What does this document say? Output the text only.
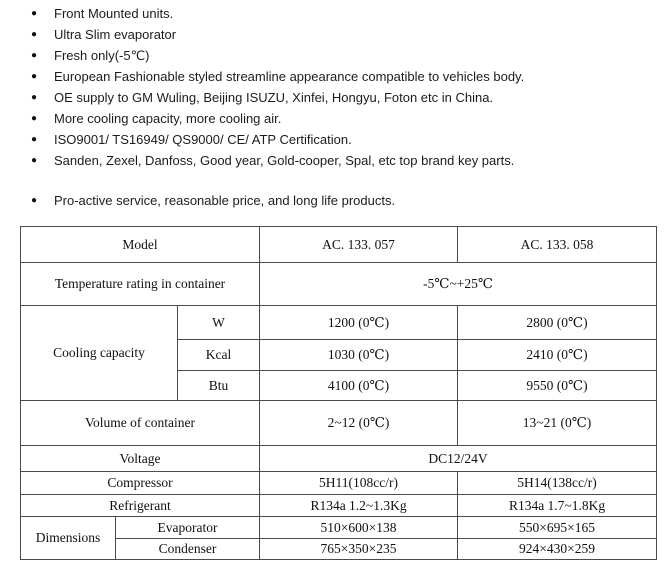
●	Front Mounted units.
●	Ultra Slim evaporator
●	Fresh only(-5℃)
●	European Fashionable styled streamline appearance compatible to vehicles body.
●	OE supply to GM Wuling, Beijing ISUZU, Xinfei, Hongyu, Foton etc in China.
●	More cooling capacity, more cooling air.
●	ISO9001/ TS16949/ QS9000/ CE/ ATP Certification.
●	Sanden, Zexel, Danfoss, Good year, Gold-cooper, Spal, etc top brand key parts.
●	Pro-active service, reasonable price, and long life products.
Model			AC. 133. 057	AC. 133. 058
Temperature rating in container			-5℃~+25℃	
Cooling capacity		W	1200 (0℃)	2800 (0℃)
		Kcal	1030 (0℃)	2410 (0℃)
		Btu	4100 (0℃)	9550 (0℃)
Volume of container			2~12 (0℃)	13~21 (0℃)
Voltage			DC12/24V	
Compressor			5H11(108cc/r)	5H14(138cc/r)
Refrigerant			R134a 1.2~1.3Kg	R134a 1.7~1.8Kg
Dimensions	Evaporator		510×600×138	550×695×165
	Condenser		765×350×235	924×430×259
